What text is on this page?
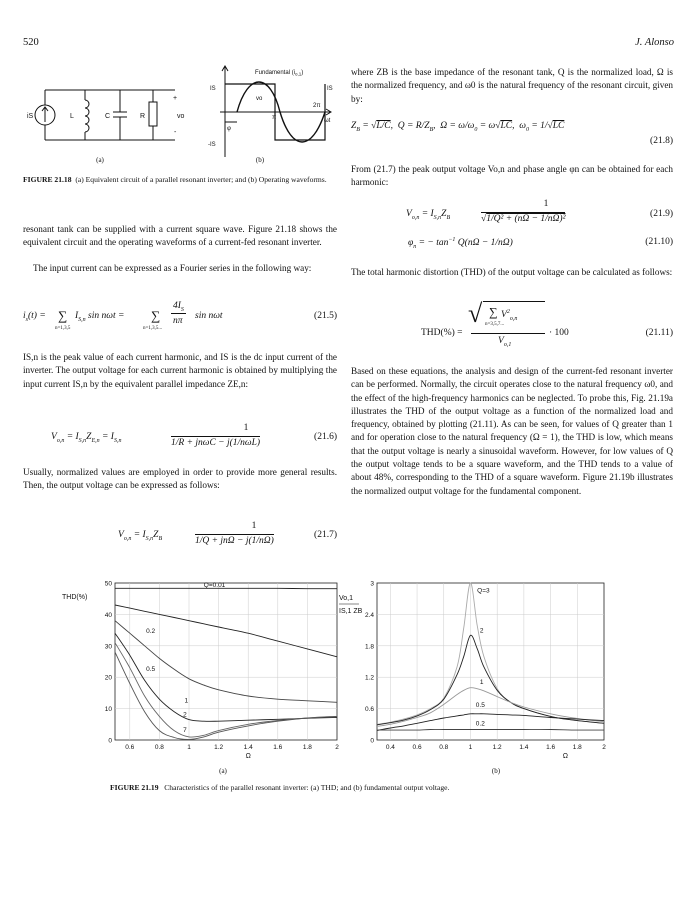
520	J. Alonso
iS	L	C	R
+
vo
-
Fundamental $(i_{o,1})$
IS	IS
-IS
vo
φ
π
2π
ωt
(a)	(b)
FIGURE 21.18 (a) Equivalent circuit of a parallel resonant inverter; and (b) Operating waveforms.

resonant tank can be supplied with a current square wave. Figure 21.18 shows the equivalent circuit and the operating waveforms of a current-fed resonant inverter.

The input current can be expressed as a Fourier series in the following way:

$i_s(t)$ = ∑
n=1,3,5
$I_{S,n}$ sin nωt = ∑
n=1,3,5...
$4I_S$
nπ sin nωt	(21.5)

IS,n is the peak value of each current harmonic, and IS is the dc input current of the inverter. The output voltage for each current harmonic is obtained by multiplying the input current IS,n by the equivalent parallel impedance ZE,n:

$V_{o,n} = I_{S,n}Z_{E,n} = I_{S,n}$
1
1/R + jnωC − j(1/nωL)
(21.6)

Usually, normalized values are employed in order to provide more general results. Then, the output voltage can be expressed as follows:

$V_{o,n} = I_{S,n}Z_B$
1
1/Q + jnΩ − j(1/nΩ)
(21.7)

where ZB is the base impedance of the resonant tank, Q is the normalized load, Ω is the normalized frequency, and ω0 is the natural frequency of the resonant circuit, given by:

$Z_B = √L/C$,  $Q = R/Z_B$,  $\Omega = \omega/\omega_0 = \omega√LC$,  $\omega_0 = 1/√LC$
(21.8)

From (21.7) the peak output voltage Vo,n and phase angle φn can be obtained for each harmonic:

$V_{o,n} = I_{S,n}Z_B$
1
√1/Q² + (nΩ − 1/nΩ)²	(21.9)
$\varphi_n$ = − $\tan^{-1} Q(n\Omega - 1/n\Omega)$	(21.10)

The total harmonic distortion (THD) of the output voltage can be calculated as follows:

THD(%) =
√ ∑ $V^2_{o,n}$
n=3,5,7...
$V_{o,1}$
· 100	(21.11)

Based on these equations, the analysis and design of the current-fed resonant inverter can be performed. Normally, the circuit operates close to the natural frequency ω0, and the effect of the high-frequency harmonics can be neglected. To probe this, Fig. 21.19a illustrates the THD of the output voltage as a function of the normalized load and frequency, obtained by plotting (21.11). As can be seen, for values of Q greater than 1 and for operation close to the natural frequency (Ω = 1), the THD is low, which means that the output voltage is nearly a sinusoidal waveform. However, for low values of Q the output voltage tends to be a square waveform, and the THD tends to a value of about 48%, corresponding to the THD of a square waveform. Figure 21.19b illustrates the normalized output voltage for the fundamental component.

0
10
20
30
40
50
0.6	0.8	1	1.2	1.4	1.6	1.8	2
Ω
Q=0.01
0.2
0.5
1
2
7
THD(%)
0
0.6
1.2
1.8
2.4
3
0.4	0.6	0.8	1	1.2	1.4	1.6	1.8	2
Ω
Q=3
2
1
0.5
0.2
Vo,1
IS,1 ZB
(a)	(b)
FIGURE 21.19 Characteristics of the parallel resonant inverter: (a) THD; and (b) fundamental output voltage.
